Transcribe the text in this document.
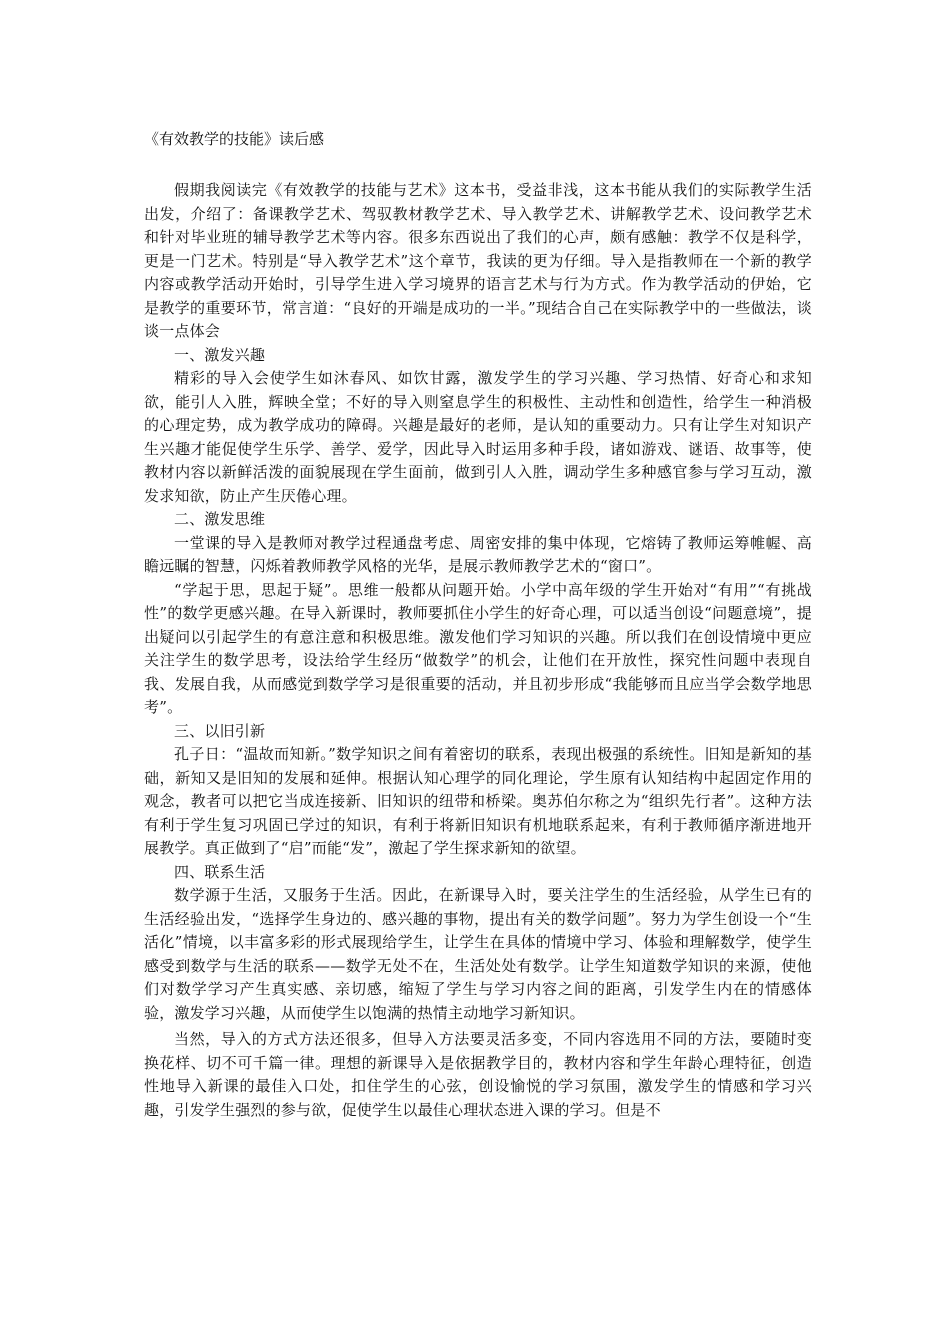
《有效教学的技能》读后感

假期我阅读完《有效教学的技能与艺术》这本书，受益非浅，这本书能从我们的实际教学生活出发，介绍了：备课教学艺术、驾驭教材教学艺术、导入教学艺术、讲解教学艺术、设问教学艺术和针对毕业班的辅导教学艺术等内容。很多东西说出了我们的心声，颇有感触：教学不仅是科学，更是一门艺术。特别是“导入教学艺术”这个章节，我读的更为仔细。导入是指教师在一个新的教学内容或教学活动开始时，引导学生进入学习境界的语言艺术与行为方式。作为教学活动的伊始，它是教学的重要环节，常言道：“良好的开端是成功的一半。”现结合自己在实际教学中的一些做法，谈谈一点体会

一、激发兴趣

精彩的导入会使学生如沐春风、如饮甘露，激发学生的学习兴趣、学习热情、好奇心和求知欲，能引人入胜，辉映全堂；不好的导入则窒息学生的积极性、主动性和创造性，给学生一种消极的心理定势，成为教学成功的障碍。兴趣是最好的老师，是认知的重要动力。只有让学生对知识产生兴趣才能促使学生乐学、善学、爱学，因此导入时运用多种手段，诸如游戏、谜语、故事等，使教材内容以新鲜活泼的面貌展现在学生面前，做到引人入胜，调动学生多种感官参与学习互动，激发求知欲，防止产生厌倦心理。

二、激发思维

一堂课的导入是教师对教学过程通盘考虑、周密安排的集中体现，它熔铸了教师运筹帷幄、高瞻远瞩的智慧，闪烁着教师教学风格的光华，是展示教师教学艺术的“窗口”。

“学起于思，思起于疑”。思维一般都从问题开始。小学中高年级的学生开始对“有用”“有挑战性”的数学更感兴趣。在导入新课时，教师要抓住小学生的好奇心理，可以适当创设“问题意境”，提出疑问以引起学生的有意注意和积极思维。激发他们学习知识的兴趣。所以我们在创设情境中更应关注学生的数学思考，设法给学生经历“做数学”的机会，让他们在开放性，探究性问题中表现自我、发展自我，从而感觉到数学学习是很重要的活动，并且初步形成“我能够而且应当学会数学地思考”。

三、以旧引新

孔子日：“温故而知新。”数学知识之间有着密切的联系，表现出极强的系统性。旧知是新知的基础，新知又是旧知的发展和延伸。根据认知心理学的同化理论，学生原有认知结构中起固定作用的观念，教者可以把它当成连接新、旧知识的纽带和桥梁。奥苏伯尔称之为“组织先行者”。这种方法有利于学生复习巩固已学过的知识，有利于将新旧知识有机地联系起来，有利于教师循序渐进地开展教学。真正做到了“启”而能“发”，激起了学生探求新知的欲望。

四、联系生活

数学源于生活，又服务于生活。因此，在新课导入时，要关注学生的生活经验，从学生已有的生活经验出发，“选择学生身边的、感兴趣的事物，提出有关的数学问题”。努力为学生创设一个“生活化”情境，以丰富多彩的形式展现给学生，让学生在具体的情境中学习、体验和理解数学，使学生感受到数学与生活的联系——数学无处不在，生活处处有数学。让学生知道数学知识的来源，使他们对数学学习产生真实感、亲切感，缩短了学生与学习内容之间的距离，引发学生内在的情感体验，激发学习兴趣，从而使学生以饱满的热情主动地学习新知识。

当然，导入的方式方法还很多，但导入方法要灵活多变，不同内容选用不同的方法，要随时变换花样、切不可千篇一律。理想的新课导入是依据教学目的，教材内容和学生年龄心理特征，创造性地导入新课的最佳入口处，扣住学生的心弦，创设愉悦的学习氛围，激发学生的情感和学习兴趣，引发学生强烈的参与欲，促使学生以最佳心理状态进入课的学习。但是不
